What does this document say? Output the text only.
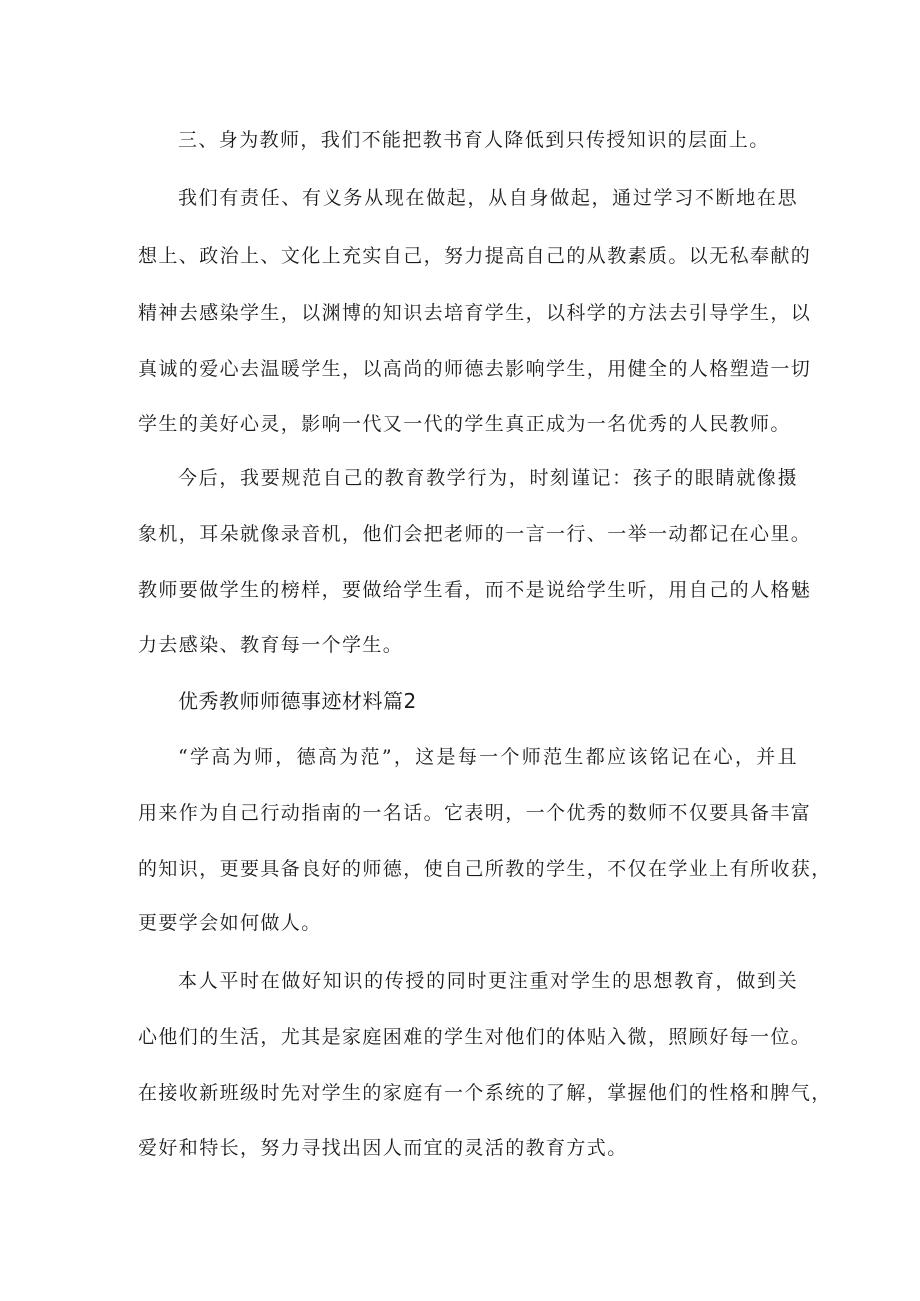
三、身为教师，我们不能把教书育人降低到只传授知识的层面上。
我们有责任、有义务从现在做起，从自身做起，通过学习不断地在思
想上、政治上、文化上充实自己，努力提高自己的从教素质。以无私奉献的
精神去感染学生，以渊博的知识去培育学生，以科学的方法去引导学生，以
真诚的爱心去温暖学生，以高尚的师德去影响学生，用健全的人格塑造一切
学生的美好心灵，影响一代又一代的学生真正成为一名优秀的人民教师。
今后，我要规范自己的教育教学行为，时刻谨记：孩子的眼睛就像摄
象机，耳朵就像录音机，他们会把老师的一言一行、一举一动都记在心里。
教师要做学生的榜样，要做给学生看，而不是说给学生听，用自己的人格魅
力去感染、教育每一个学生。
优秀教师师德事迹材料篇2
“学高为师，德高为范”，这是每一个师范生都应该铭记在心，并且
用来作为自己行动指南的一名话。它表明，一个优秀的数师不仅要具备丰富
的知识，更要具备良好的师德，使自己所教的学生，不仅在学业上有所收获，
更要学会如何做人。
本人平时在做好知识的传授的同时更注重对学生的思想教育，做到关
心他们的生活，尤其是家庭困难的学生对他们的体贴入微，照顾好每一位。
在接收新班级时先对学生的家庭有一个系统的了解，掌握他们的性格和脾气，
爱好和特长，努力寻找出因人而宜的灵活的教育方式。
